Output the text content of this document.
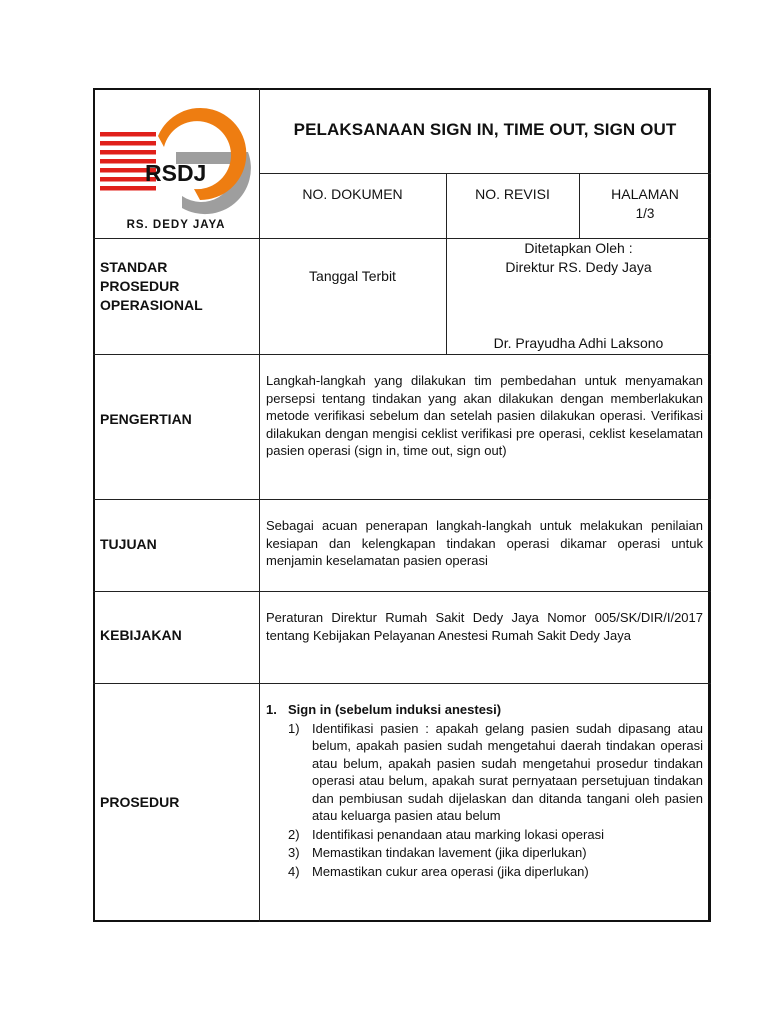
RSDJ
RS. DEDY JAYA
PELAKSANAAN SIGN IN, TIME OUT, SIGN OUT
NO. DOKUMEN	NO. REVISI	HALAMAN
1/3
STANDAR
PROSEDUR
OPERASIONAL
Tanggal Terbit
Ditetapkan Oleh :
Direktur RS. Dedy Jaya
Dr. Prayudha Adhi Laksono
PENGERTIAN
Langkah-langkah yang dilakukan tim pembedahan untuk menyamakan persepsi tentang tindakan yang akan dilakukan dengan memberlakukan metode verifikasi sebelum dan setelah pasien dilakukan operasi. Verifikasi dilakukan dengan mengisi ceklist verifikasi pre operasi, ceklist keselamatan pasien operasi (sign in, time out, sign out)
TUJUAN
Sebagai acuan penerapan langkah-langkah untuk melakukan penilaian kesiapan dan kelengkapan tindakan operasi dikamar operasi untuk menjamin keselamatan pasien operasi
KEBIJAKAN
Peraturan Direktur Rumah Sakit Dedy Jaya Nomor 005/SK/DIR/I/2017 tentang Kebijakan Pelayanan Anestesi Rumah Sakit Dedy Jaya
PROSEDUR
1. Sign in (sebelum induksi anestesi)
1) Identifikasi pasien : apakah gelang pasien sudah dipasang atau belum, apakah pasien sudah mengetahui daerah tindakan operasi atau belum, apakah pasien sudah mengetahui prosedur tindakan operasi atau belum, apakah surat pernyataan persetujuan tindakan dan pembiusan sudah dijelaskan dan ditanda tangani oleh pasien atau keluarga pasien atau belum
2) Identifikasi penandaan atau marking lokasi operasi
3) Memastikan tindakan lavement (jika diperlukan)
4) Memastikan cukur area operasi (jika diperlukan)
